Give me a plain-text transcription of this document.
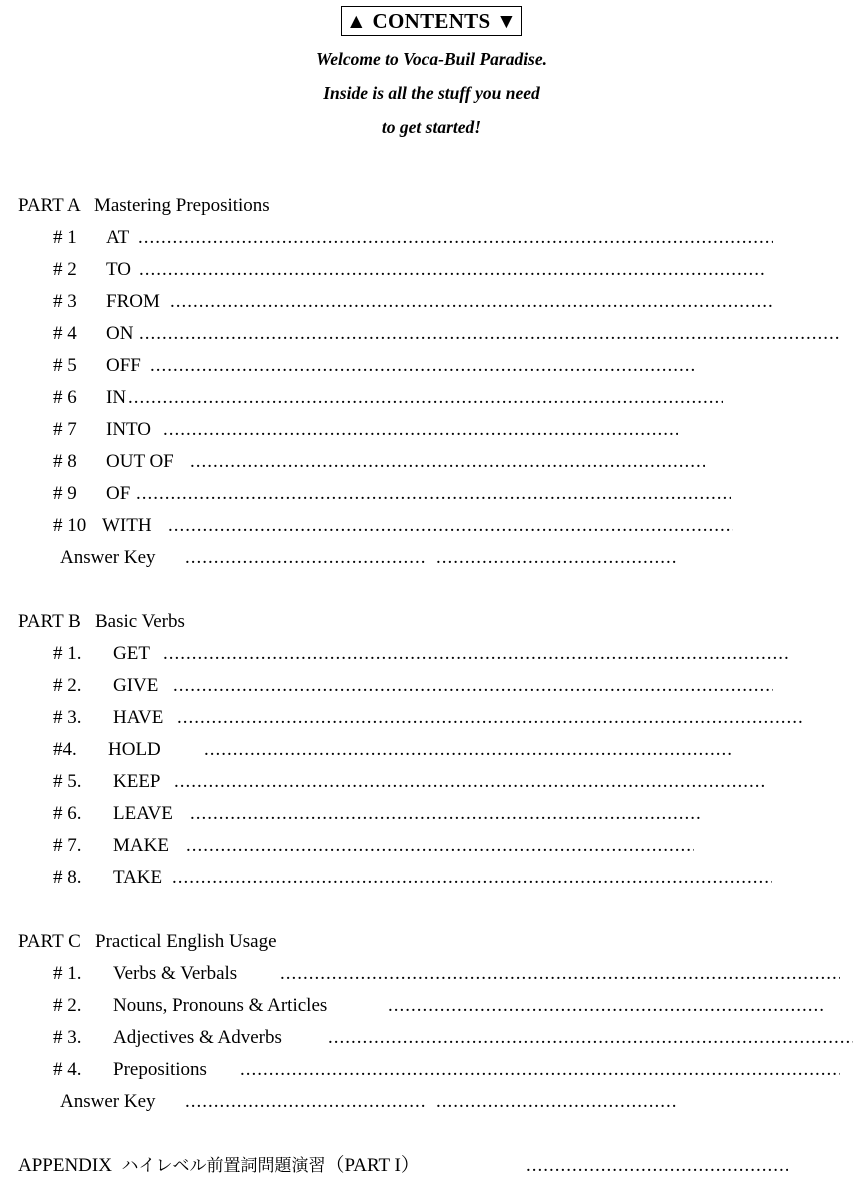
▲ CONTENTS ▼
Welcome to Voca-Buil Paradise.
Inside is all the stuff you need
to get started!
PART A   Mastering Prepositions
# 1 AT
.....
# 2 TO
.....
# 3 FROM
.....
# 4 ON
.....
# 5 OFF
.....
# 6 IN
.....
# 7 INTO
.....
# 8 OUT OF
.....
# 9 OF
.....
# 10 WITH
.....
Answer Key
.....
.....
PART B   Basic Verbs
# 1. GET
.....
# 2. GIVE
.....
# 3. HAVE
.....
#4. HOLD
.....
# 5. KEEP
.....
# 6. LEAVE
.....
# 7. MAKE
.....
# 8. TAKE
.....
PART C   Practical English Usage
# 1. Verbs & Verbals
.....
# 2. Nouns, Pronouns & Articles
.....
# 3. Adjectives & Adverbs
.....
# 4. Prepositions
.....
Answer Key
.....
.....
APPENDIX ハイレベル前置詞問題演習（PART I）
.....
